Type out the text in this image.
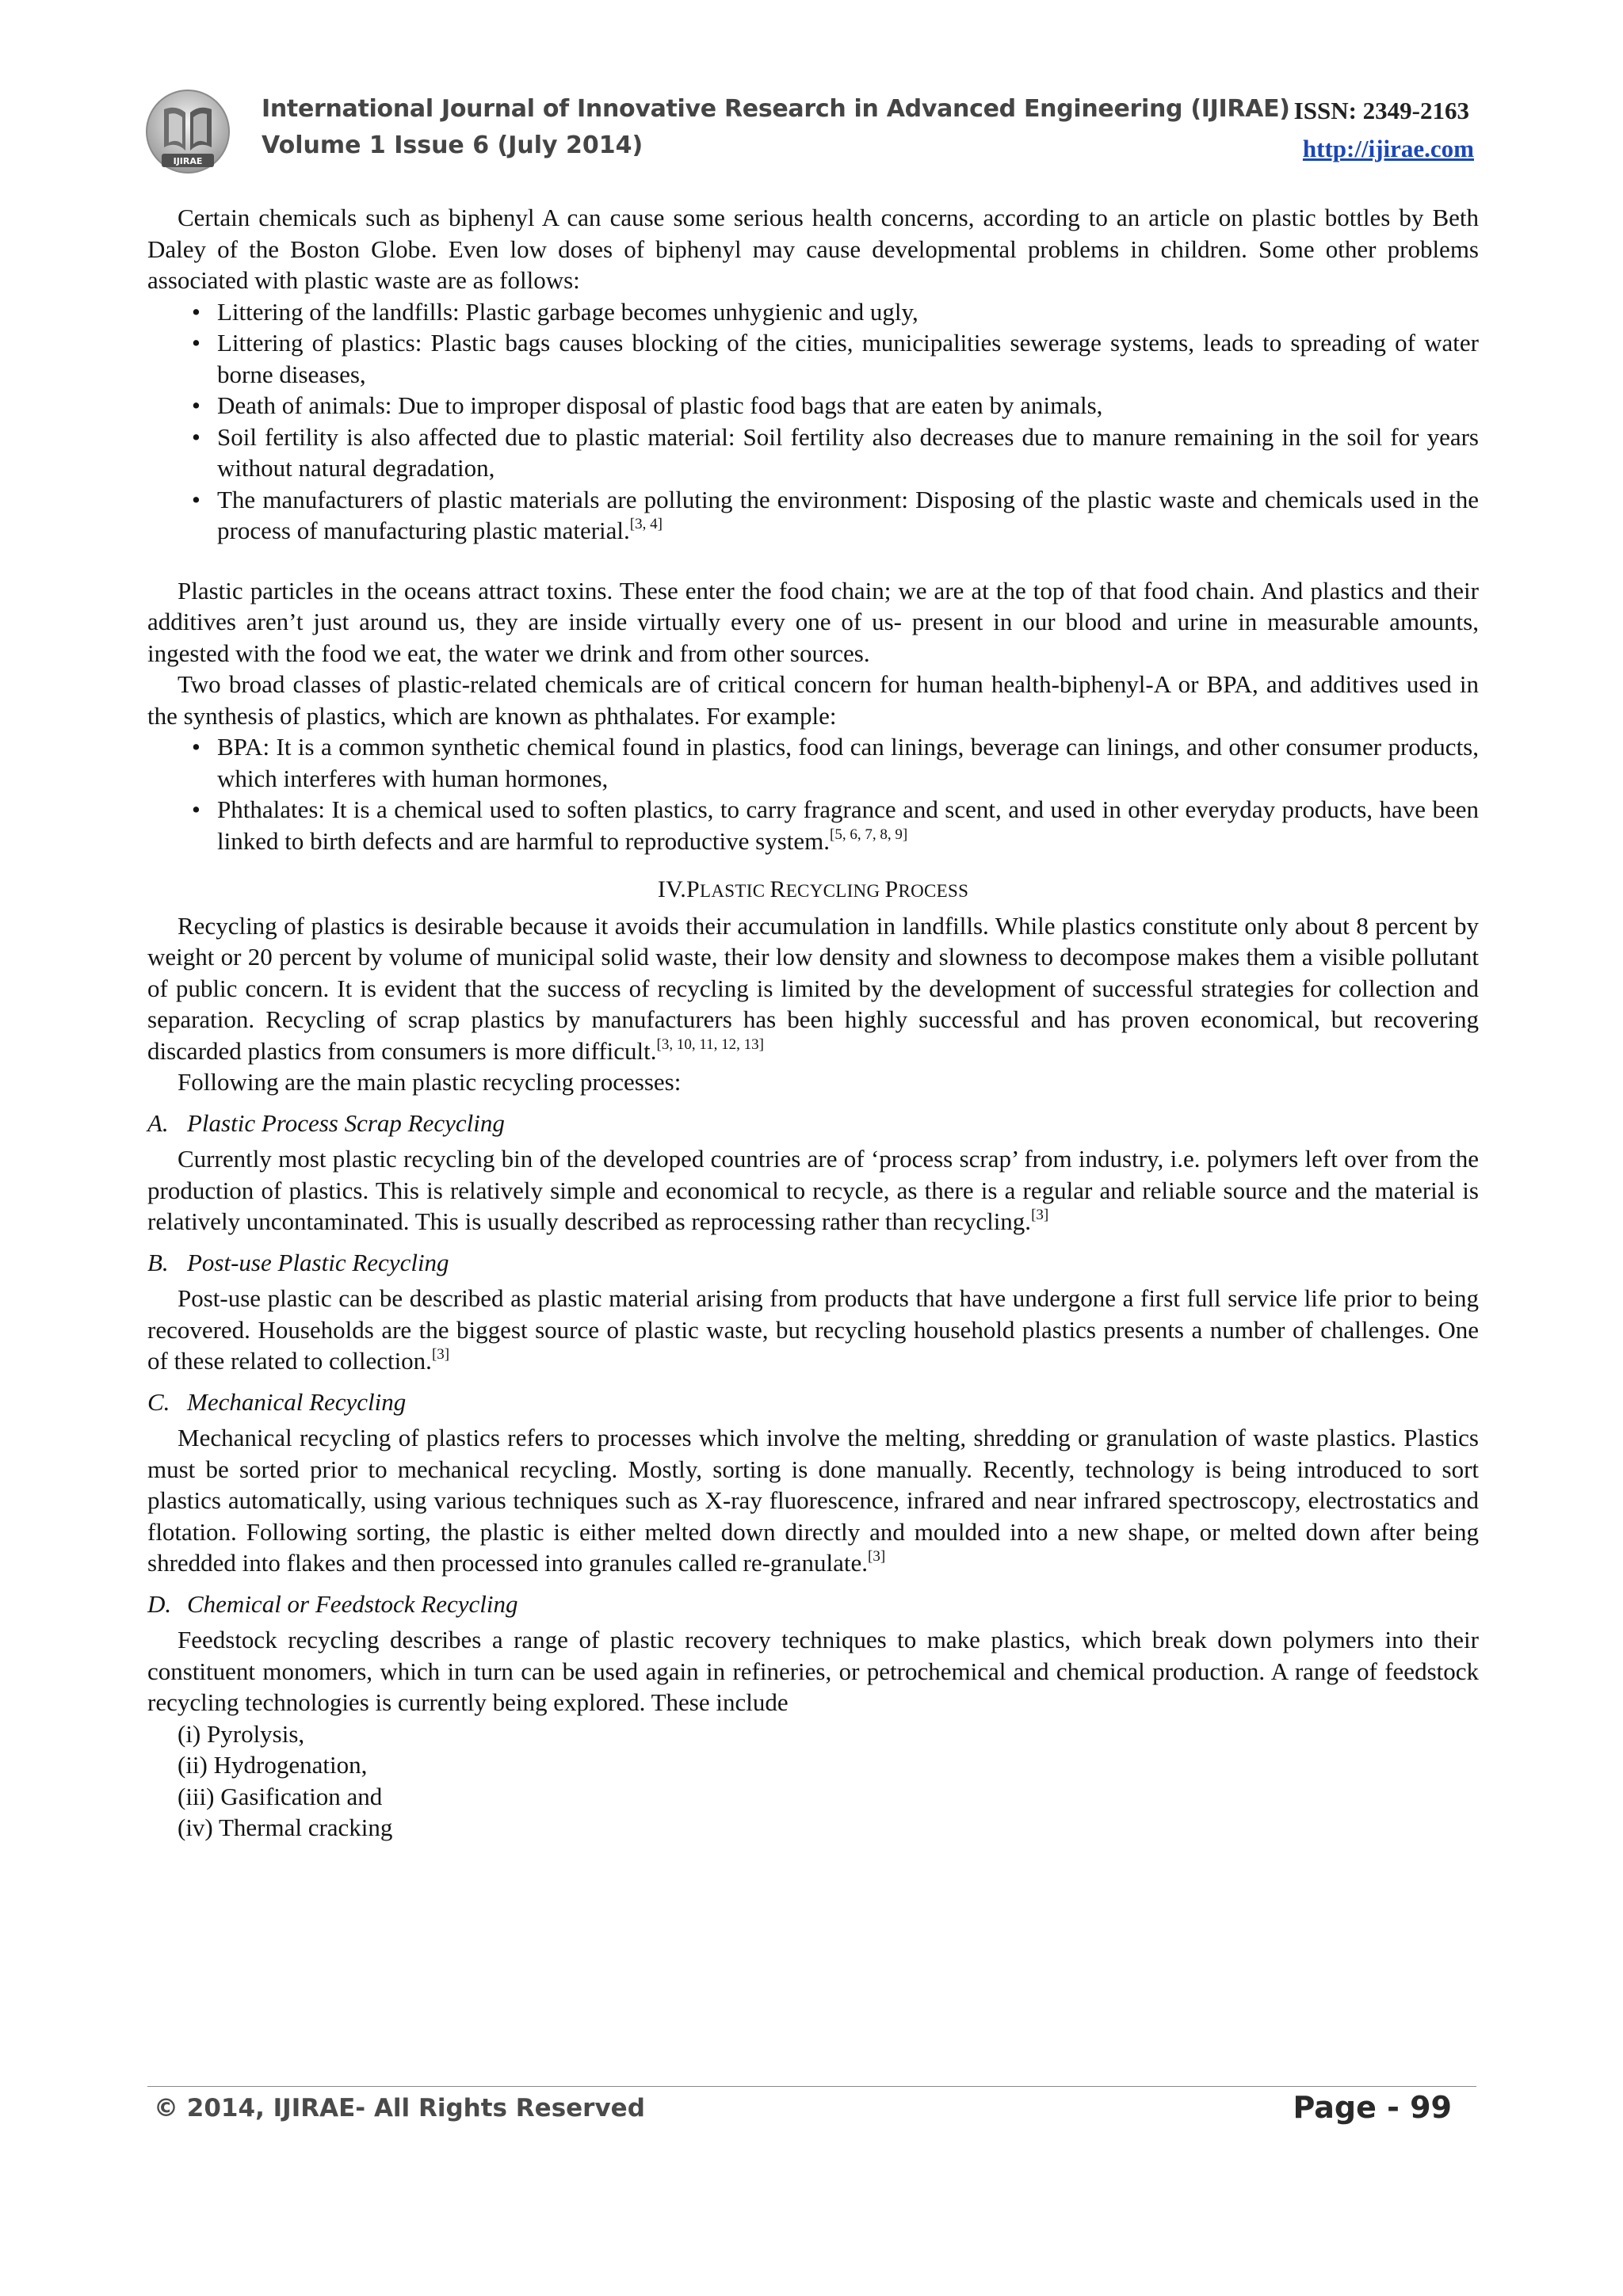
IJIRAE
International Journal of Innovative Research in Advanced Engineering (IJIRAE)
Volume 1 Issue 6 (July 2014)
ISSN: 2349-2163
http://ijirae.com

Certain chemicals such as biphenyl A can cause some serious health concerns, according to an article on plastic bottles by Beth Daley of the Boston Globe. Even low doses of biphenyl may cause developmental problems in children. Some other problems associated with plastic waste are as follows:

• Littering of the landfills: Plastic garbage becomes unhygienic and ugly,
• Littering of plastics: Plastic bags causes blocking of the cities, municipalities sewerage systems, leads to spreading of water borne diseases,
• Death of animals: Due to improper disposal of plastic food bags that are eaten by animals,
• Soil fertility is also affected due to plastic material: Soil fertility also decreases due to manure remaining in the soil for years without natural degradation,
• The manufacturers of plastic materials are polluting the environment: Disposing of the plastic waste and chemicals used in the process of manufacturing plastic material.[3, 4]

Plastic particles in the oceans attract toxins. These enter the food chain; we are at the top of that food chain. And plastics and their additives aren’t just around us, they are inside virtually every one of us- present in our blood and urine in measurable amounts, ingested with the food we eat, the water we drink and from other sources.

Two broad classes of plastic-related chemicals are of critical concern for human health-biphenyl-A or BPA, and additives used in the synthesis of plastics, which are known as phthalates. For example:

• BPA: It is a common synthetic chemical found in plastics, food can linings, beverage can linings, and other consumer products, which interferes with human hormones,
• Phthalates: It is a chemical used to soften plastics, to carry fragrance and scent, and used in other everyday products, have been linked to birth defects and are harmful to reproductive system.[5, 6, 7, 8, 9]
IV.PLASTIC RECYCLING PROCESS

Recycling of plastics is desirable because it avoids their accumulation in landfills. While plastics constitute only about 8 percent by weight or 20 percent by volume of municipal solid waste, their low density and slowness to decompose makes them a visible pollutant of public concern. It is evident that the success of recycling is limited by the development of successful strategies for collection and separation. Recycling of scrap plastics by manufacturers has been highly successful and has proven economical, but recovering discarded plastics from consumers is more difficult.[3, 10, 11, 12, 13]

Following are the main plastic recycling processes:

A. Plastic Process Scrap Recycling

Currently most plastic recycling bin of the developed countries are of ‘process scrap’ from industry, i.e. polymers left over from the production of plastics. This is relatively simple and economical to recycle, as there is a regular and reliable source and the material is relatively uncontaminated. This is usually described as reprocessing rather than recycling.[3]

B. Post-use Plastic Recycling

Post-use plastic can be described as plastic material arising from products that have undergone a first full service life prior to being recovered. Households are the biggest source of plastic waste, but recycling household plastics presents a number of challenges. One of these related to collection.[3]

C. Mechanical Recycling

Mechanical recycling of plastics refers to processes which involve the melting, shredding or granulation of waste plastics. Plastics must be sorted prior to mechanical recycling. Mostly, sorting is done manually. Recently, technology is being introduced to sort plastics automatically, using various techniques such as X-ray fluorescence, infrared and near infrared spectroscopy, electrostatics and flotation. Following sorting, the plastic is either melted down directly and moulded into a new shape, or melted down after being shredded into flakes and then processed into granules called re-granulate.[3]

D. Chemical or Feedstock Recycling

Feedstock recycling describes a range of plastic recovery techniques to make plastics, which break down polymers into their constituent monomers, which in turn can be used again in refineries, or petrochemical and chemical production. A range of feedstock recycling technologies is currently being explored. These include

(i) Pyrolysis,

(ii) Hydrogenation,

(iii) Gasification and

(iv) Thermal cracking

© 2014, IJIRAE- All Rights Reserved	Page - 99
